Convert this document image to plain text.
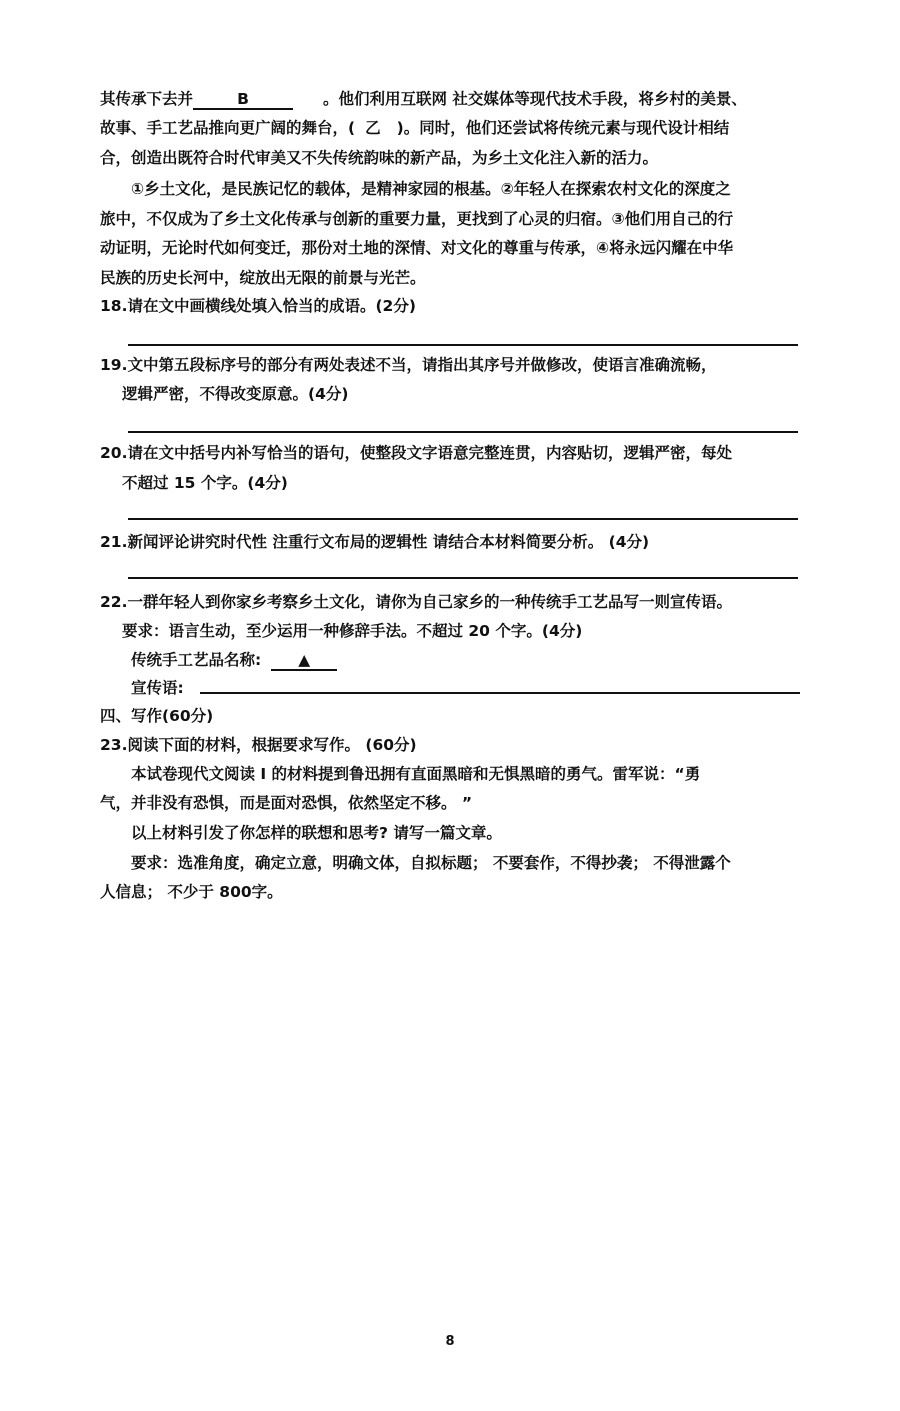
其传承下去并	B	。他们利用互联网 社交媒体等现代技术手段，将乡村的美景、
故事、手工艺品推向更广阔的舞台，( 乙 )。同时，他们还尝试将传统元素与现代设计相结
合，创造出既符合时代审美又不失传统韵味的新产品，为乡土文化注入新的活力。
①乡土文化，是民族记忆的载体，是精神家园的根基。②年轻人在探索农村文化的深度之
旅中，不仅成为了乡土文化传承与创新的重要力量，更找到了心灵的归宿。③他们用自己的行
动证明，无论时代如何变迁，那份对土地的深情、对文化的尊重与传承，④将永远闪耀在中华
民族的历史长河中，绽放出无限的前景与光芒。
18.请在文中画横线处填入恰当的成语。(2分)
19.文中第五段标序号的部分有两处表述不当，请指出其序号并做修改，使语言准确流畅，
逻辑严密，不得改变原意。(4分)
20.请在文中括号内补写恰当的语句，使整段文字语意完整连贯，内容贴切，逻辑严密，每处
不超过 15 个字。(4分)
21.新闻评论讲究时代性 注重行文布局的逻辑性 请结合本材料简要分析。 (4分)
22.一群年轻人到你家乡考察乡土文化，请你为自己家乡的一种传统手工艺品写一则宣传语。
要求：语言生动，至少运用一种修辞手法。不超过 20 个字。(4分)
传统手工艺品名称: ▲
宣传语:
四、写作(60分)
23.阅读下面的材料，根据要求写作。 (60分)
本试卷现代文阅读 I 的材料提到鲁迅拥有直面黑暗和无惧黑暗的勇气。雷军说：“勇
气，并非没有恐惧，而是面对恐惧，依然坚定不移。 ”
以上材料引发了你怎样的联想和思考? 请写一篇文章。
要求：选准角度，确定立意，明确文体，自拟标题； 不要套作，不得抄袭； 不得泄露个
人信息； 不少于 800字。
8
